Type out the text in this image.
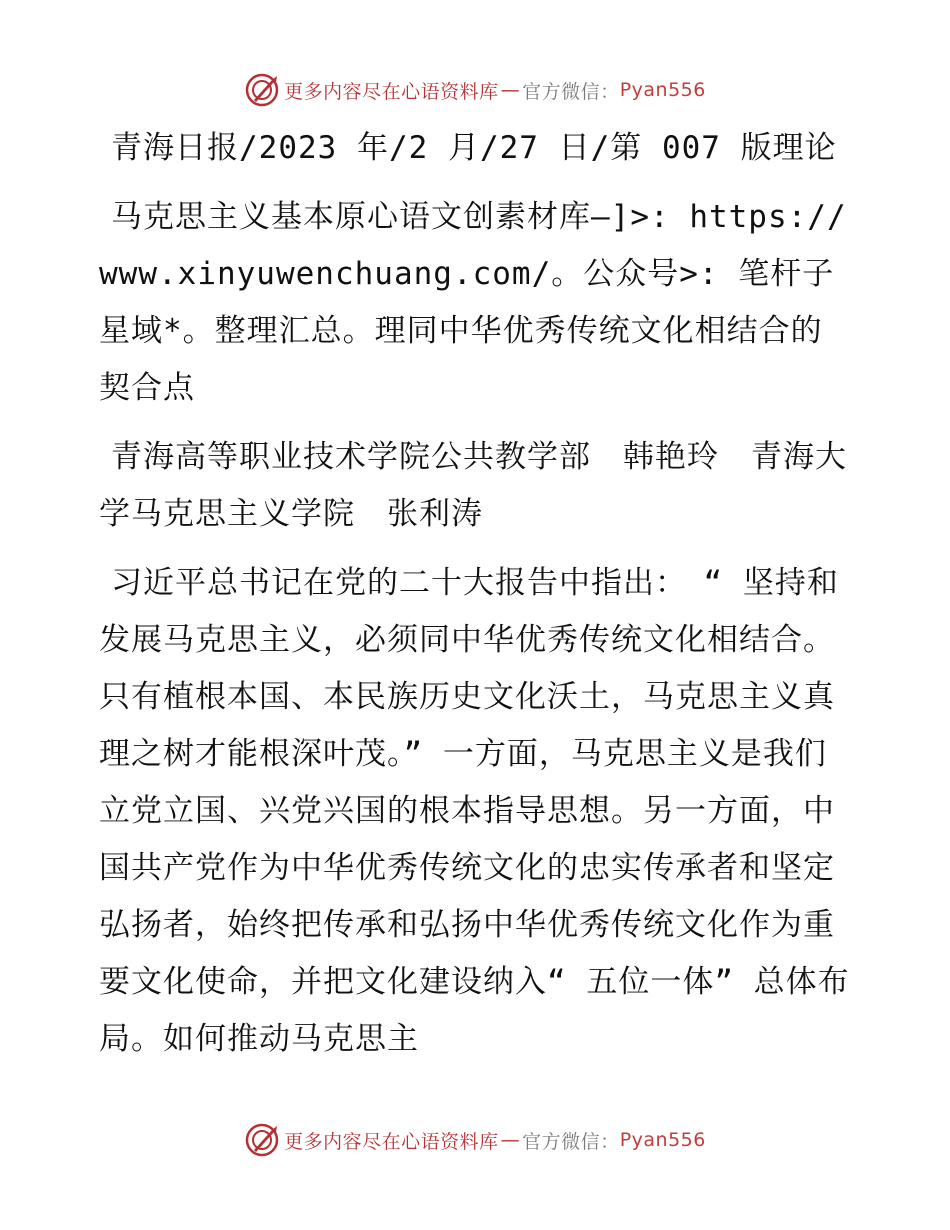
更多内容尽在心语资料库 — 官方微信： Pyan556

青海日报/2023 年/2 月/27 日/第 007 版理论

马克思主义基本原心语文创素材库—]>: https://www.xinyuwenchuang.com/。公众号>: 笔杆子星域*。整理汇总。理同中华优秀传统文化相结合的契合点

青海高等职业技术学院公共教学部　韩艳玲　青海大学马克思主义学院　张利涛

习近平总书记在党的二十大报告中指出：　“ 坚持和发展马克思主义，必须同中华优秀传统文化相结合。只有植根本国、本民族历史文化沃土，马克思主义真理之树才能根深叶茂。” 一方面，马克思主义是我们立党立国、兴党兴国的根本指导思想。另一方面，中国共产党作为中华优秀传统文化的忠实传承者和坚定弘扬者，始终把传承和弘扬中华优秀传统文化作为重要文化使命，并把文化建设纳入“ 五位一体” 总体布局。如何推动马克思主

更多内容尽在心语资料库 — 官方微信： Pyan556
